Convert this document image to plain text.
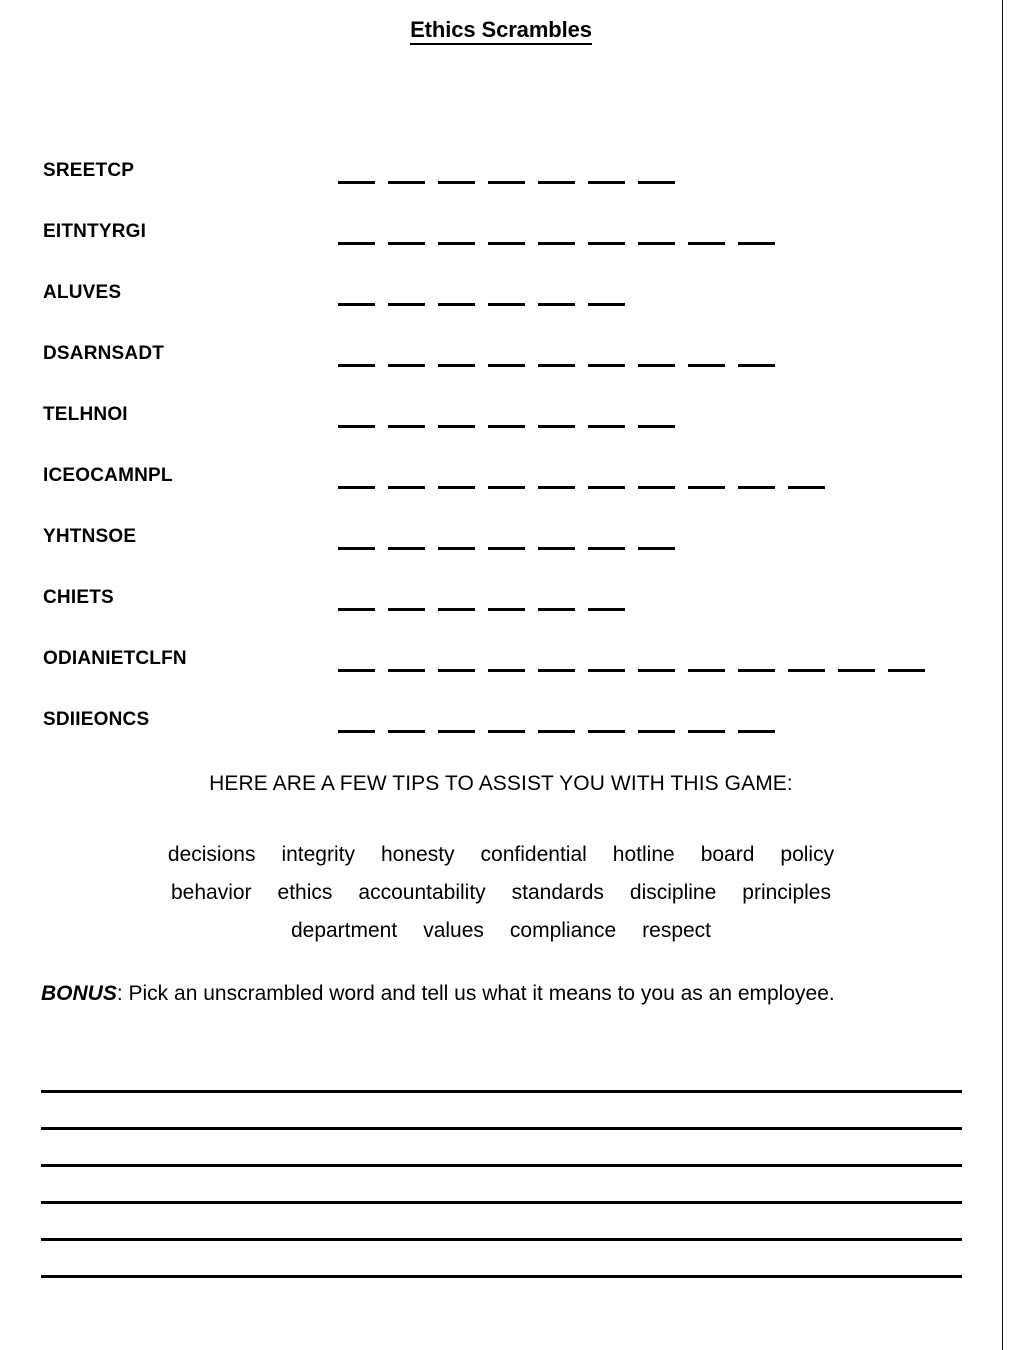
Ethics Scrambles
SREETCP
EITNTYRGI
ALUVES
DSARNSADT
TELHNOI
ICEOCAMNPL
YHTNSOE
CHIETS
ODIANIETCLFN
SDIIEONCS
HERE ARE A FEW TIPS TO ASSIST YOU WITH THIS GAME:
decisions integrity honesty confidential hotline board policy
behavior ethics accountability standards discipline principles
department values compliance respect
BONUS: Pick an unscrambled word and tell us what it means to you as an employee.
